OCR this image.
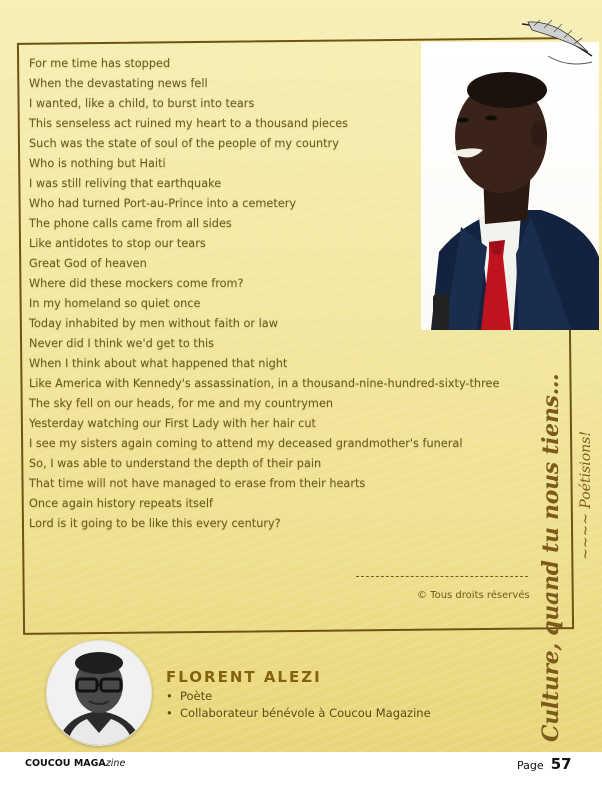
For me time has stopped
When the devastating news fell
I wanted, like a child, to burst into tears
This senseless act ruined my heart to a thousand pieces
Such was the state of soul of the people of my country
Who is nothing but Haiti
I was still reliving that earthquake
Who had turned Port-au-Prince into a cemetery
The phone calls came from all sides
Like antidotes to stop our tears
Great God of heaven
Where did these mockers come from?
In my homeland so quiet once
Today inhabited by men without faith or law
Never did I think we'd get to this
When I think about what happened that night
Like America with Kennedy's assassination, in a thousand-nine-hundred-sixty-three
The sky fell on our heads, for me and my countrymen
Yesterday watching our First Lady with her hair cut
I see my sisters again coming to attend my deceased grandmother's funeral
So, I was able to understand the depth of their pain
That time will not have managed to erase from their hearts
Once again history repeats itself
Lord is it going to be like this every century?
© Tous droits réservés Culture, quand tu nous tiens… ~~~~ Poétisions!
FLORENT ALEZI
• Poète
• Collaborateur bénévole à Coucou Magazine
COUCOU MAGAzine	Page 57
